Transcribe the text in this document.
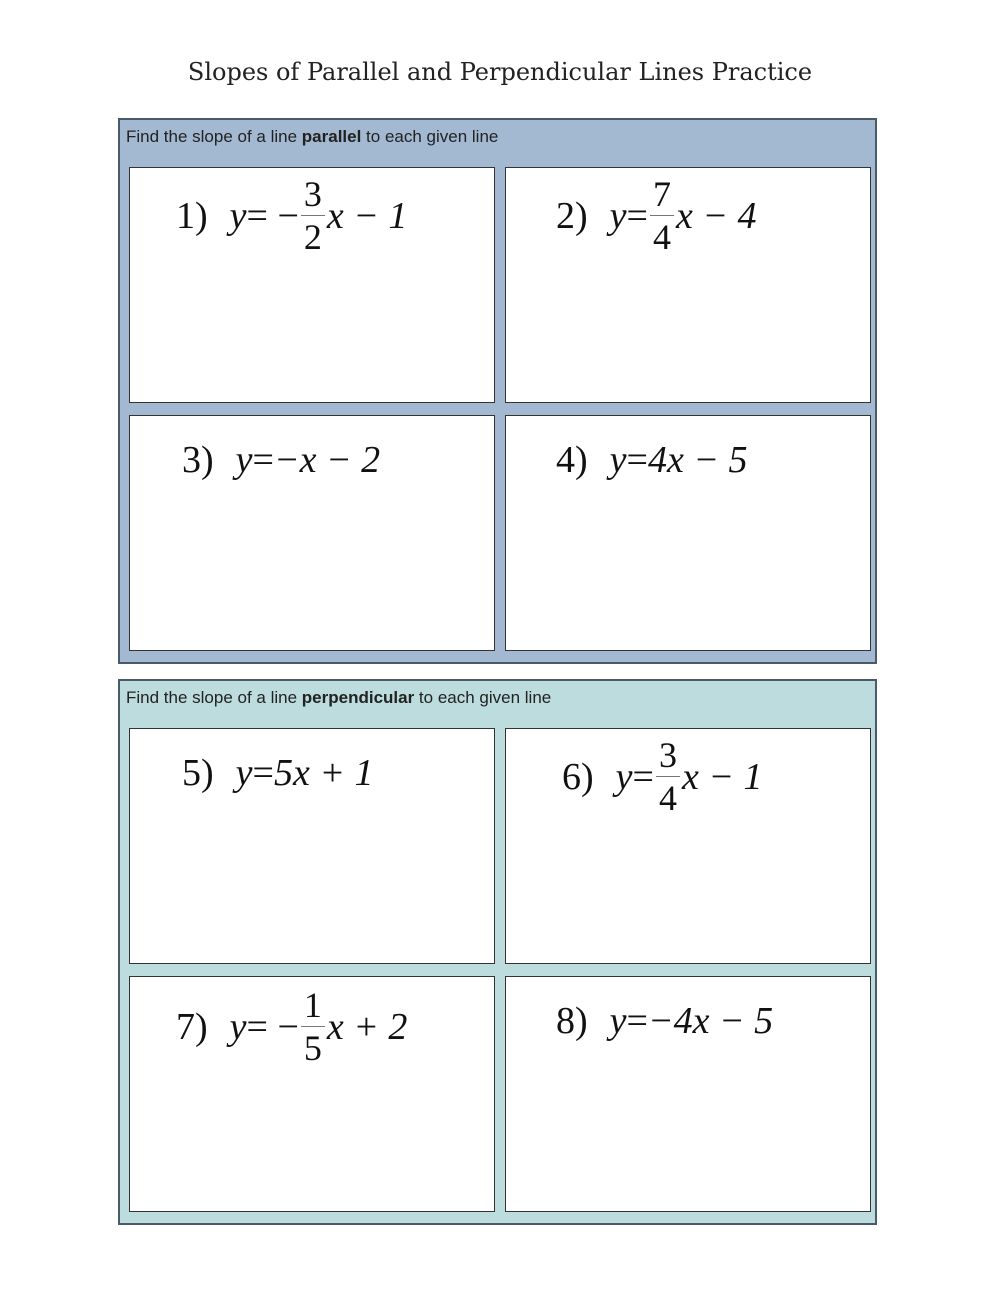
Slopes of Parallel and Perpendicular Lines Practice
Find the slope of a line parallel to each given line
1) y = − $\frac{3}{2}$ x − 1	2) $y = \frac{7}{4}$ x − 4
3) y = −x − 2	4) y = 4x − 5
Find the slope of a line perpendicular to each given line
5) y = 5x + 1	6) $y = \frac{3}{4}$ x − 1
7) y = − $\frac{1}{5}$ x + 2	8) y = −4x − 5
